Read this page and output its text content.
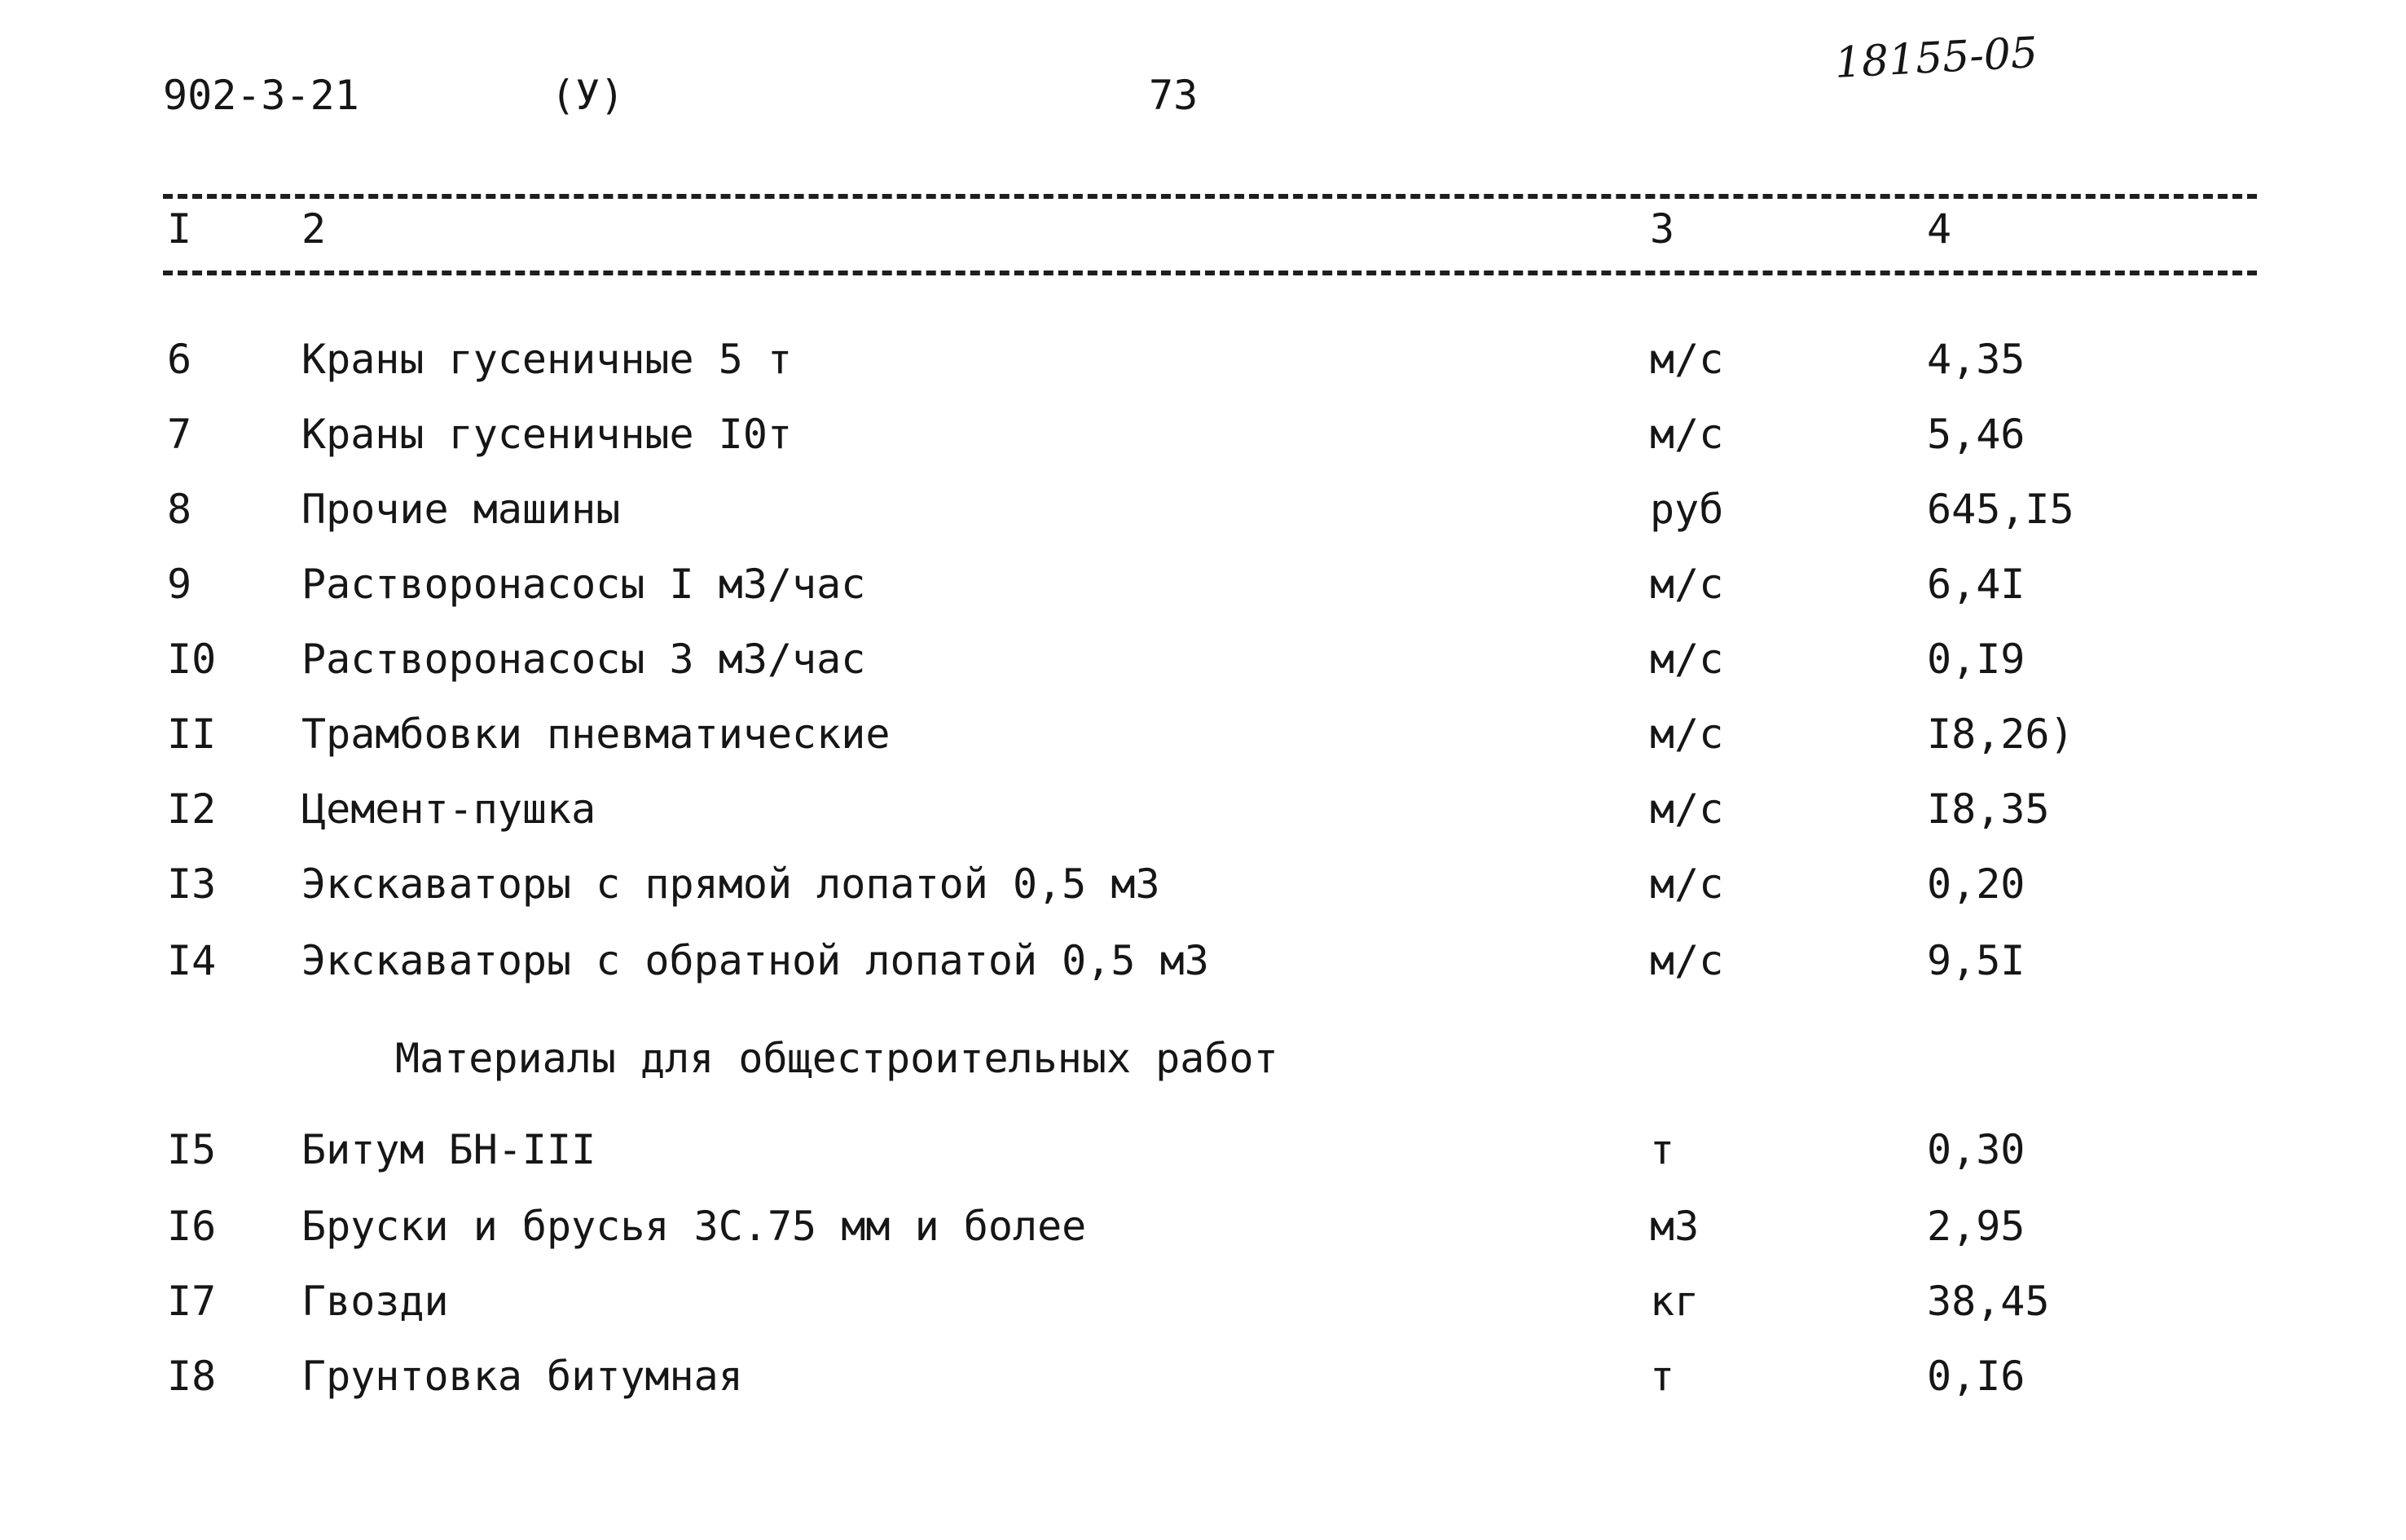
902-3-21	(У)	73
18155-05
I	2	3	4
6	Краны гусеничные 5 т	м/с	4,35
7	Краны гусеничные I0т	м/с	5,46
8	Прочие машины	руб	645,I5
9	Растворонасосы I м3/час	м/с	6,4I
I0 Растворонасосы 3 м3/час	м/с	0,I9
II Трамбовки пневматические	м/с	I8,26)
I2 Цемент-пушка	м/с	I8,35
I3 Экскаваторы с прямой лопатой 0,5 м3	м/с	0,20
I4 Экскаваторы с обратной лопатой 0,5 м3	м/с	9,5I
Материалы для общестроительных работ
I5 Битум БН-III	т	0,30
I6 Бруски и брусья 3С.75 мм и более	м3	2,95
I7 Гвозди	кг	38,45
I8 Грунтовка битумная	т	0,I6
